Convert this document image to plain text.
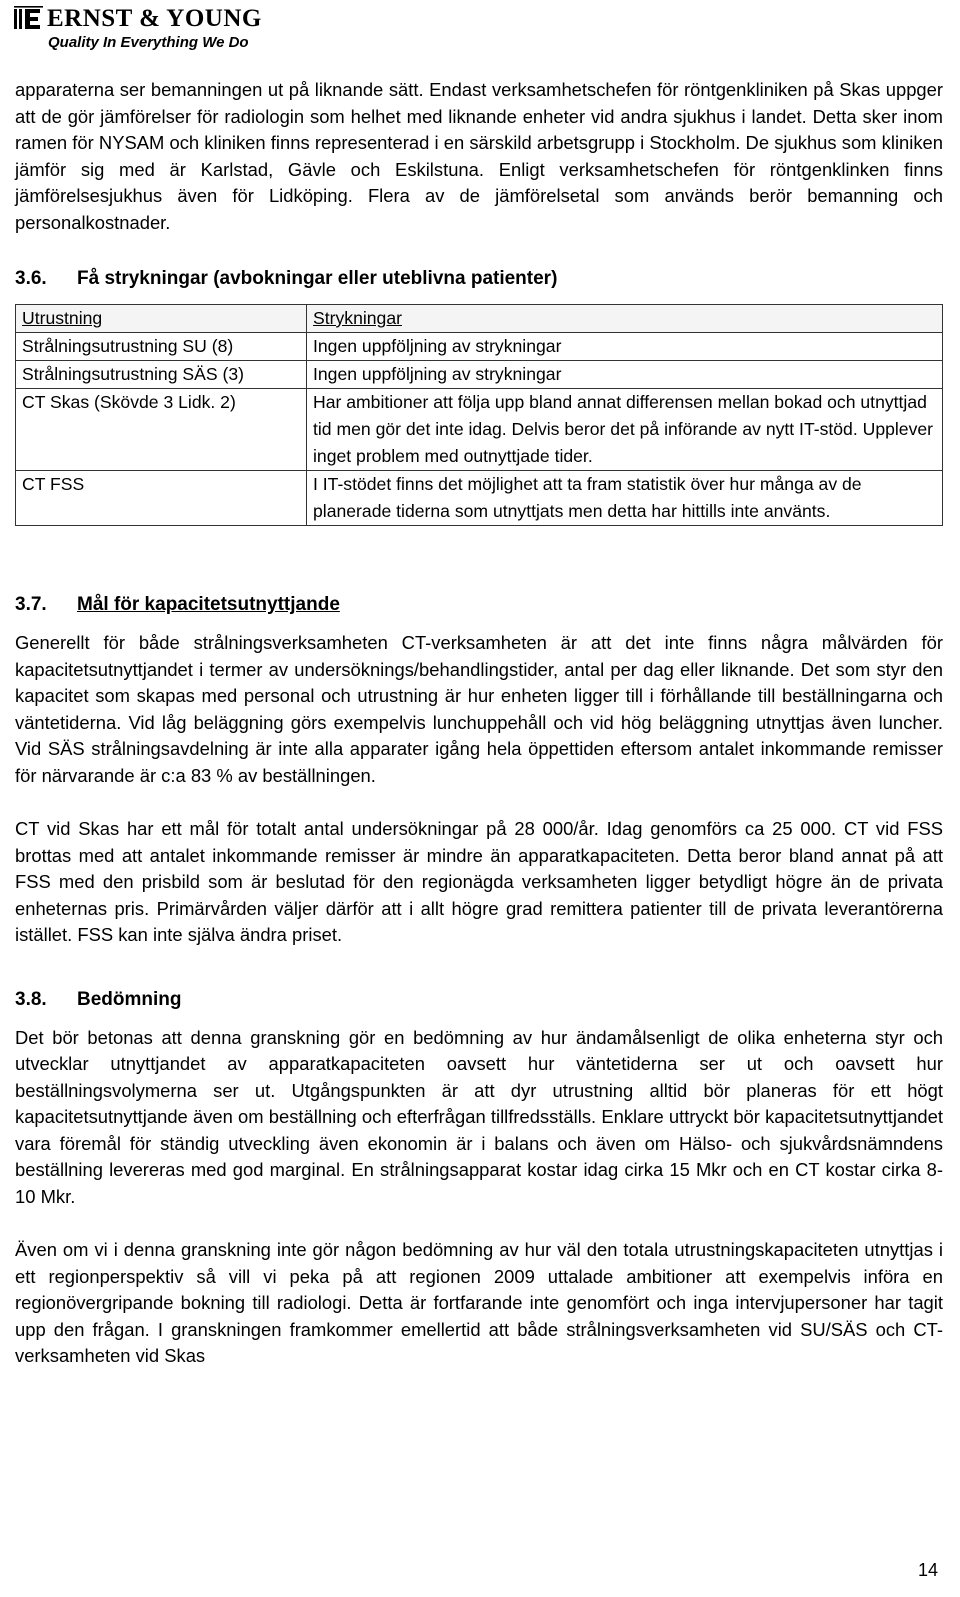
ERNST & YOUNG
Quality In Everything We Do

apparaterna ser bemanningen ut på liknande sätt. Endast verksamhetschefen för röntgenkliniken på Skas uppger att de gör jämförelser för radiologin som helhet med liknande enheter vid andra sjukhus i landet. Detta sker inom ramen för NYSAM och kliniken finns representerad i en särskild arbetsgrupp i Stockholm. De sjukhus som kliniken jämför sig med är Karlstad, Gävle och Eskilstuna. Enligt verksamhetschefen för röntgenklinken finns jämförelsesjukhus även för Lidköping. Flera av de jämförelsetal som används berör bemanning och personalkostnader.

3.6.	Få strykningar (avbokningar eller uteblivna patienter)
Utrustning	Strykningar
Strålningsutrustning SU (8)	Ingen uppföljning av strykningar
Strålningsutrustning SÄS (3)	Ingen uppföljning av strykningar
CT Skas (Skövde 3 Lidk. 2)	Har ambitioner att följa upp bland annat differensen mellan bokad och utnyttjad tid men gör det inte idag. Delvis beror det på införande av nytt IT-stöd. Upplever inget problem med outnyttjade tider.
CT FSS	I IT-stödet finns det möjlighet att ta fram statistik över hur många av de planerade tiderna som utnyttjats men detta har hittills inte använts.
3.7.	Mål för kapacitetsutnyttjande

Generellt för både strålningsverksamheten CT-verksamheten är att det inte finns några målvärden för kapacitetsutnyttjandet i termer av undersöknings/behandlingstider, antal per dag eller liknande. Det som styr den kapacitet som skapas med personal och utrustning är hur enheten ligger till i förhållande till beställningarna och väntetiderna. Vid låg beläggning görs exempelvis lunchuppehåll och vid hög beläggning utnyttjas även luncher. Vid SÄS strålningsavdelning är inte alla apparater igång hela öppettiden eftersom antalet inkommande remisser för närvarande är c:a 83 % av beställningen.

CT vid Skas har ett mål för totalt antal undersökningar på 28 000/år. Idag genomförs ca 25 000. CT vid FSS brottas med att antalet inkommande remisser är mindre än apparatkapaciteten. Detta beror bland annat på att FSS med den prisbild som är beslutad för den regionägda verksamheten ligger betydligt högre än de privata enheternas pris. Primärvården väljer därför att i allt högre grad remittera patienter till de privata leverantörerna istället. FSS kan inte själva ändra priset.

3.8.	Bedömning

Det bör betonas att denna granskning gör en bedömning av hur ändamålsenligt de olika enheterna styr och utvecklar utnyttjandet av apparatkapaciteten oavsett hur väntetiderna ser ut och oavsett hur beställningsvolymerna ser ut. Utgångspunkten är att dyr utrustning alltid bör planeras för ett högt kapacitetsutnyttjande även om beställning och efterfrågan tillfredsställs. Enklare uttryckt bör kapacitetsutnyttjandet vara föremål för ständig utveckling även ekonomin är i balans och även om Hälso- och sjukvårdsnämndens beställning levereras med god marginal. En strålningsapparat kostar idag cirka 15 Mkr och en CT kostar cirka 8-10 Mkr.

Även om vi i denna granskning inte gör någon bedömning av hur väl den totala utrustningskapaciteten utnyttjas i ett regionperspektiv så vill vi peka på att regionen 2009 uttalade ambitioner att exempelvis införa en regionövergripande bokning till radiologi. Detta är fortfarande inte genomfört och inga intervjupersoner har tagit upp den frågan. I granskningen framkommer emellertid att både strålningsverksamheten vid SU/SÄS och CT-verksamheten vid Skas

14
